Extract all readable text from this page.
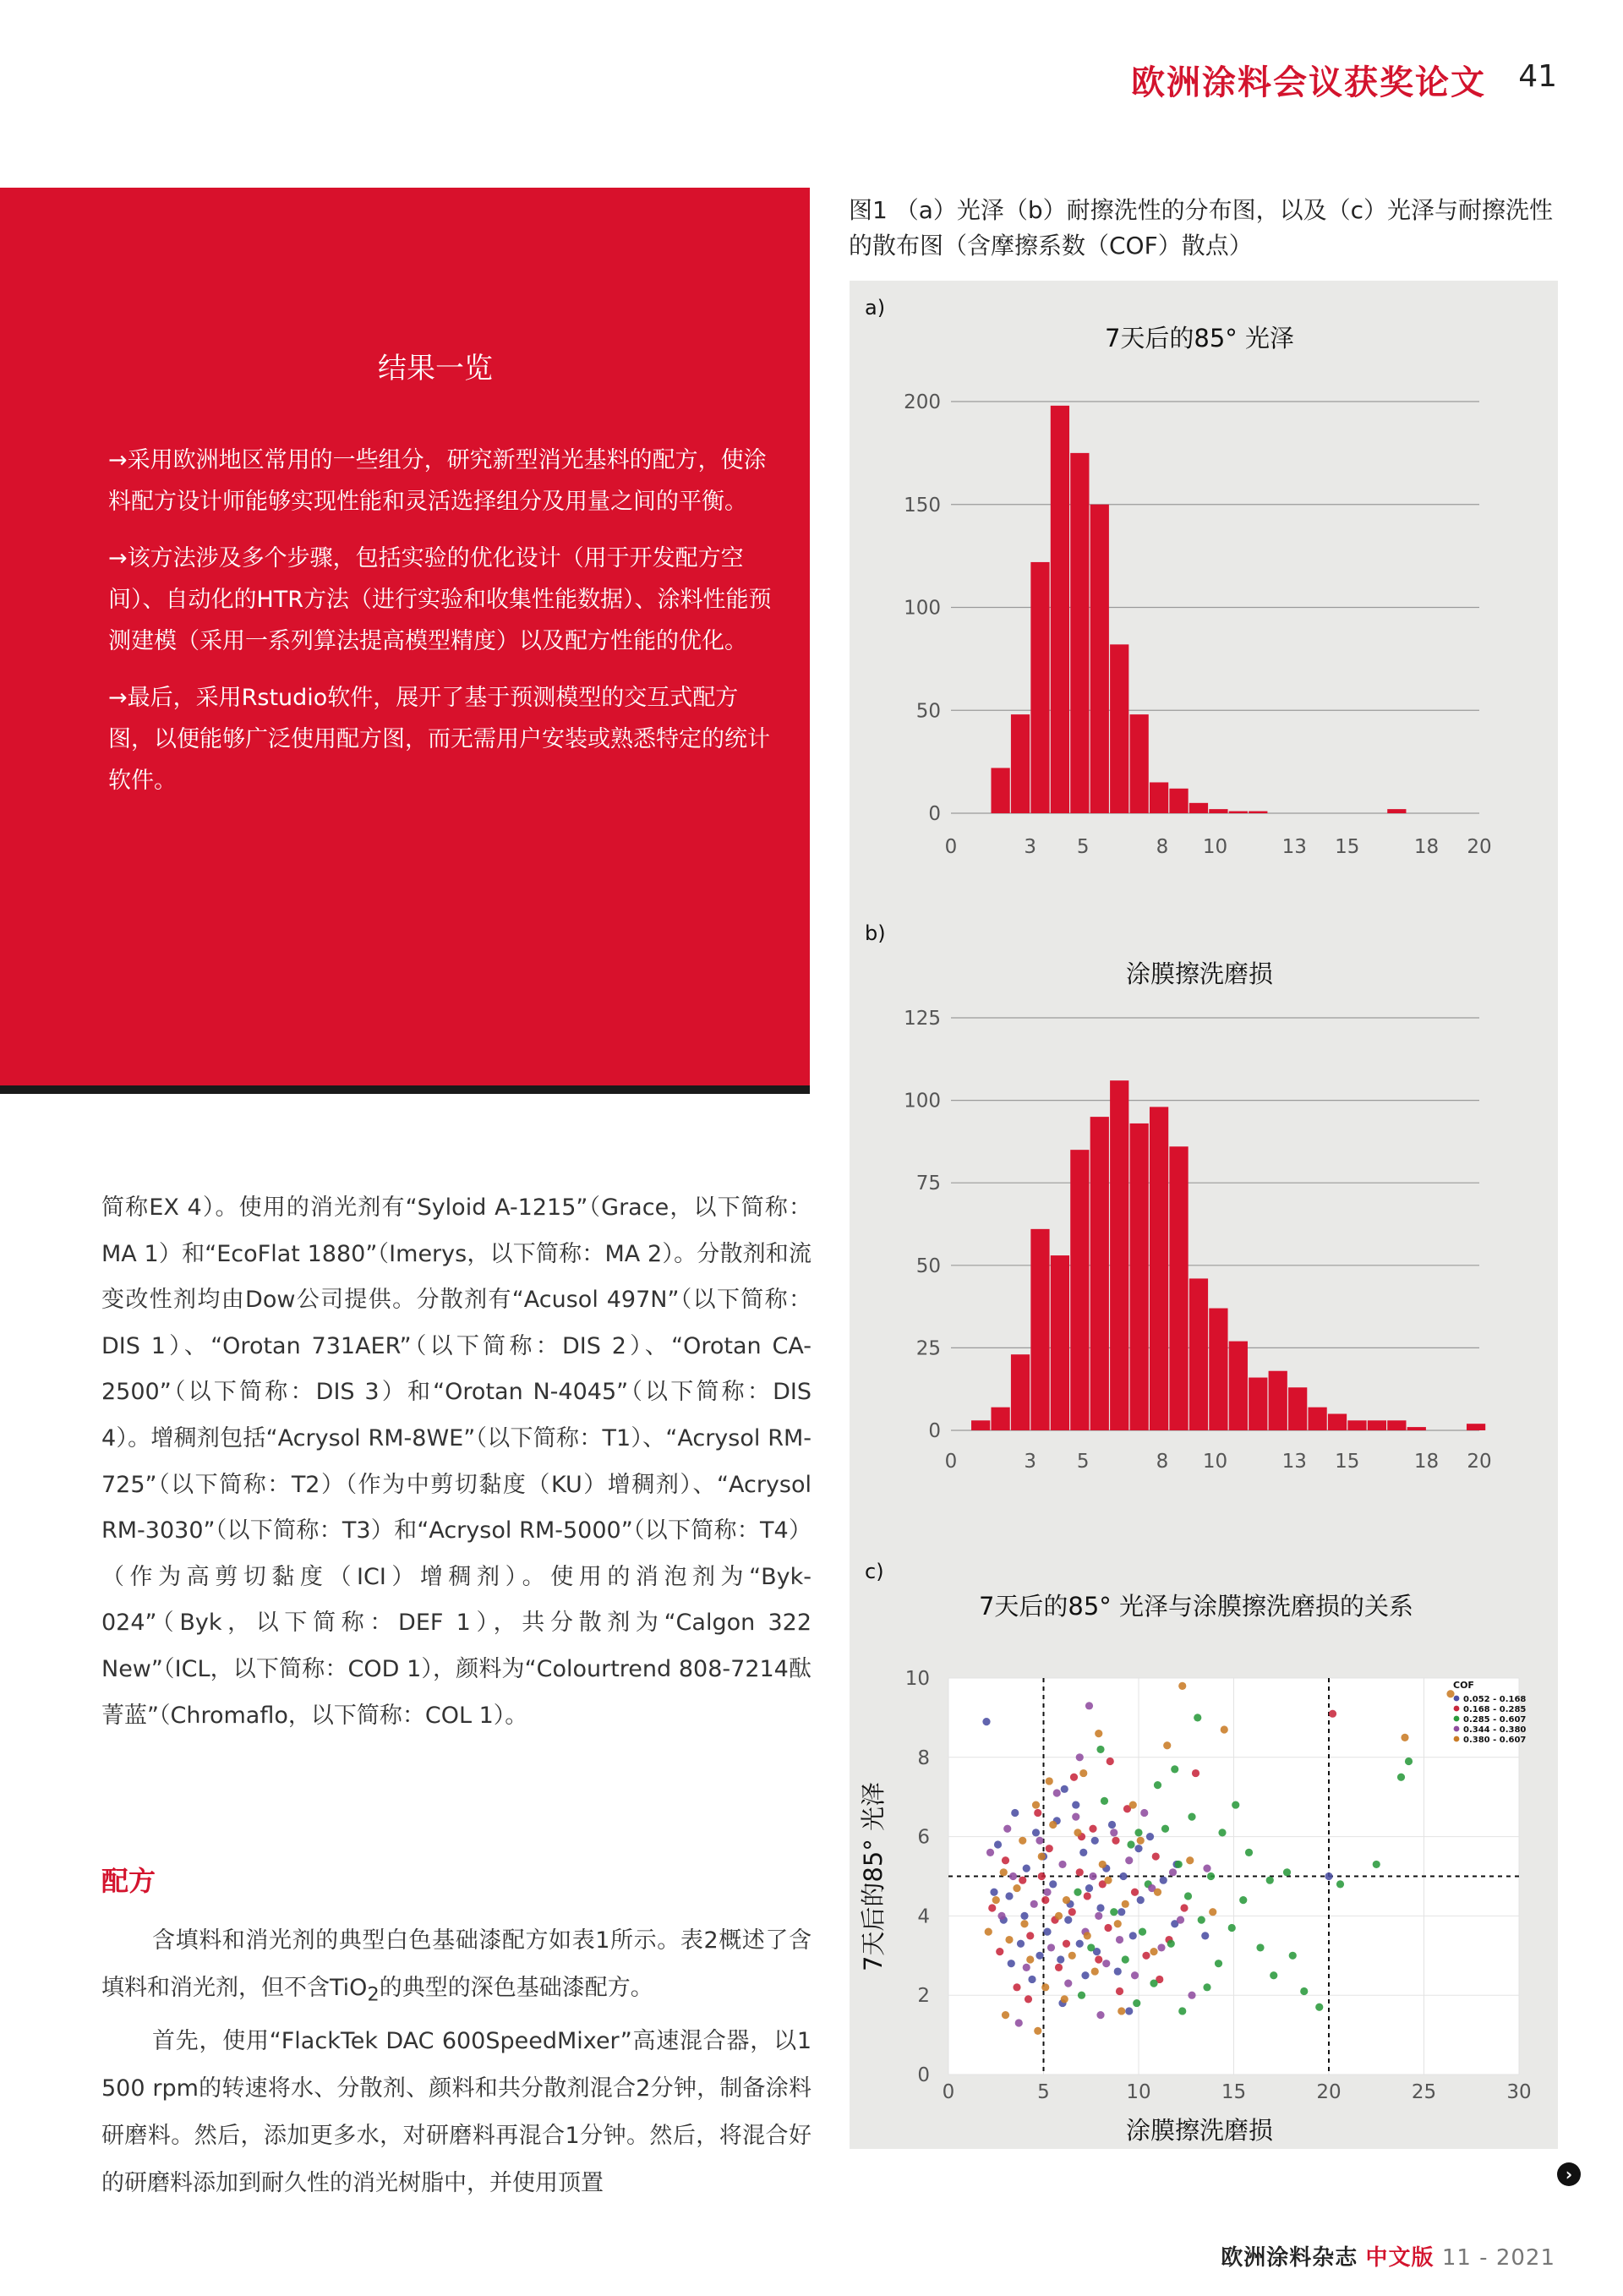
欧洲涂料会议获奖论文 41
结果一览

→采用欧洲地区常用的一些组分，研究新型消光基料的配方，使涂料配方设计师能够实现性能和灵活选择组分及用量之间的平衡。

→该方法涉及多个步骤，包括实验的优化设计（用于开发配方空间）、自动化的HTR方法（进行实验和收集性能数据）、涂料性能预测建模（采用一系列算法提高模型精度）以及配方性能的优化。

→最后，采用Rstudio软件，展开了基于预测模型的交互式配方图，以便能够广泛使用配方图，而无需用户安装或熟悉特定的统计软件。

简称EX 4）。使用的消光剂有“Syloid A-1215”（Grace，以下简称：MA 1）和“EcoFlat 1880”（Imerys，以下简称：MA 2）。分散剂和流变改性剂均由Dow公司提供。分散剂有“Acusol 497N”（以下简称：DIS 1）、“Orotan 731AER”（以下简称：DIS 2）、“Orotan CA-2500”（以下简称：DIS 3）和“Orotan N-4045”（以下简称：DIS 4）。增稠剂包括“Acrysol RM-8WE”（以下简称：T1）、“Acrysol RM-725”（以下简称：T2）（作为中剪切黏度（KU）增稠剂）、“Acrysol RM-3030”（以下简称：T3）和“Acrysol RM-5000”（以下简称：T4）（作为高剪切黏度（ICI）增稠剂）。使用的消泡剂为“Byk-024”（Byk，以下简称：DEF 1），共分散剂为“Calgon 322 New”（ICL，以下简称：COD 1），颜料为“Colourtrend 808-7214酞菁蓝”（Chromaflo，以下简称：COL 1）。

配方

含填料和消光剂的典型白色基础漆配方如表1所示。表2概述了含填料和消光剂，但不含TiO$_2$的典型的深色基础漆配方。

首先，使用“FlackTek DAC 600SpeedMixer”高速混合器，以1 500 rpm的转速将水、分散剂、颜料和共分散剂混合2分钟，制备涂料研磨料。然后，添加更多水，对研磨料再混合1分钟。然后，将混合好的研磨料添加到耐久性的消光树脂中，并使用顶置

图1 （a）光泽（b）耐擦洗性的分布图，以及（c）光泽与耐擦洗性的散布图（含摩擦系数（COF）散点）
a)
7天后的85° 光泽
0
50
100
150
200
0	3 5	8 10	13 15	18 20
b)
涂膜擦洗磨损
0
25
50
75
100
125
0	3 5	8 10	13 15	18 20
c)
7天后的85° 光泽与涂膜擦洗磨损的关系
0
2
4
6
8
10
0	5	10	15	20	25	30
COF
0.052 - 0.168
0.168 - 0.285
0.285 - 0.607
0.344 - 0.380
0.380 - 0.607
涂膜擦洗磨损
7天后的85° 光泽
›
欧洲涂料杂志 中文版 11 - 2021
